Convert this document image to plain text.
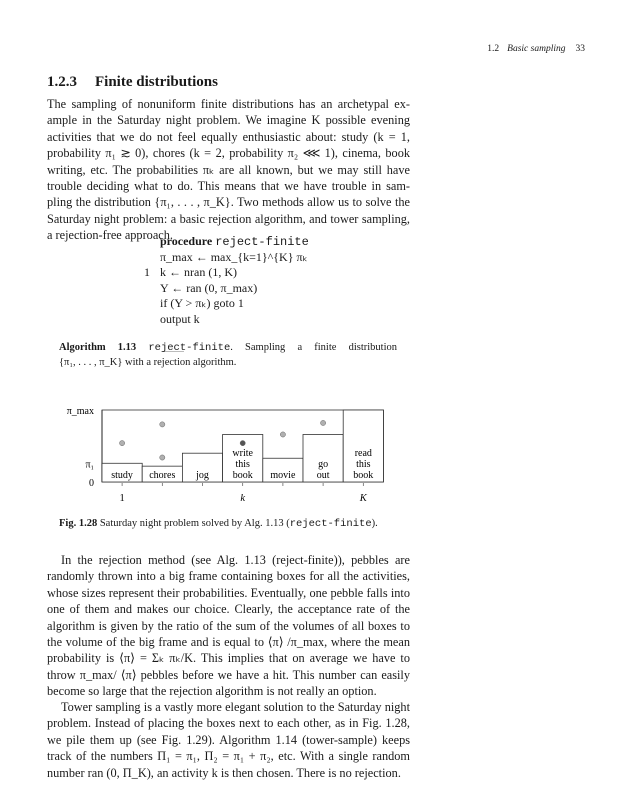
1.2 Basic sampling 33
1.2.3 Finite distributions
The sampling of nonuniform finite distributions has an archetypal ex-
ample in the Saturday night problem. We imagine K possible evening
activities that we do not feel equally enthusiastic about: study (k = 1,
probability π₁ ≳ 0), chores (k = 2, probability π₂ ⋘ 1), cinema, book
writing, etc. The probabilities πₖ are all known, but we may still have
trouble deciding what to do. This means that we have trouble in sam-
pling the distribution {π₁, . . . , π_K}. Two methods allow us to solve the
Saturday night problem: a basic rejection algorithm, and tower sampling,
a rejection-free approach.
procedure reject-finite
π_max ← max_{k=1}^{K} πₖ
1 k ← nran (1, K)
Υ ← ran (0, π_max)
if (Υ > πₖ) goto 1
output k
Algorithm 1.13 reject-finite. Sampling a finite distribution
{π₁, . . . , π_K} with a rejection algorithm.
study chores jog
write this book movie
go out
read this book
0
π₁
π_max
1	k	K
Fig. 1.28 Saturday night problem solved by Alg. 1.13 (reject-finite).
In the rejection method (see Alg. 1.13 (reject-finite)), pebbles are
randomly thrown into a big frame containing boxes for all the activities,
whose sizes represent their probabilities. Eventually, one pebble falls into
one of them and makes our choice. Clearly, the acceptance rate of the
algorithm is given by the ratio of the sum of the volumes of all boxes to
the volume of the big frame and is equal to ⟨π⟩ /π_max, where the mean
probability is ⟨π⟩ = Σₖ πₖ/K. This implies that on average we have to
throw π_max/ ⟨π⟩ pebbles before we have a hit. This number can easily
become so large that the rejection algorithm is not really an option.
Tower sampling is a vastly more elegant solution to the Saturday night
problem. Instead of placing the boxes next to each other, as in Fig. 1.28,
we pile them up (see Fig. 1.29). Algorithm 1.14 (tower-sample) keeps
track of the numbers Π₁ = π₁, Π₂ = π₁ + π₂, etc. With a single random
number ran (0, Π_K), an activity k is then chosen. There is no rejection.
